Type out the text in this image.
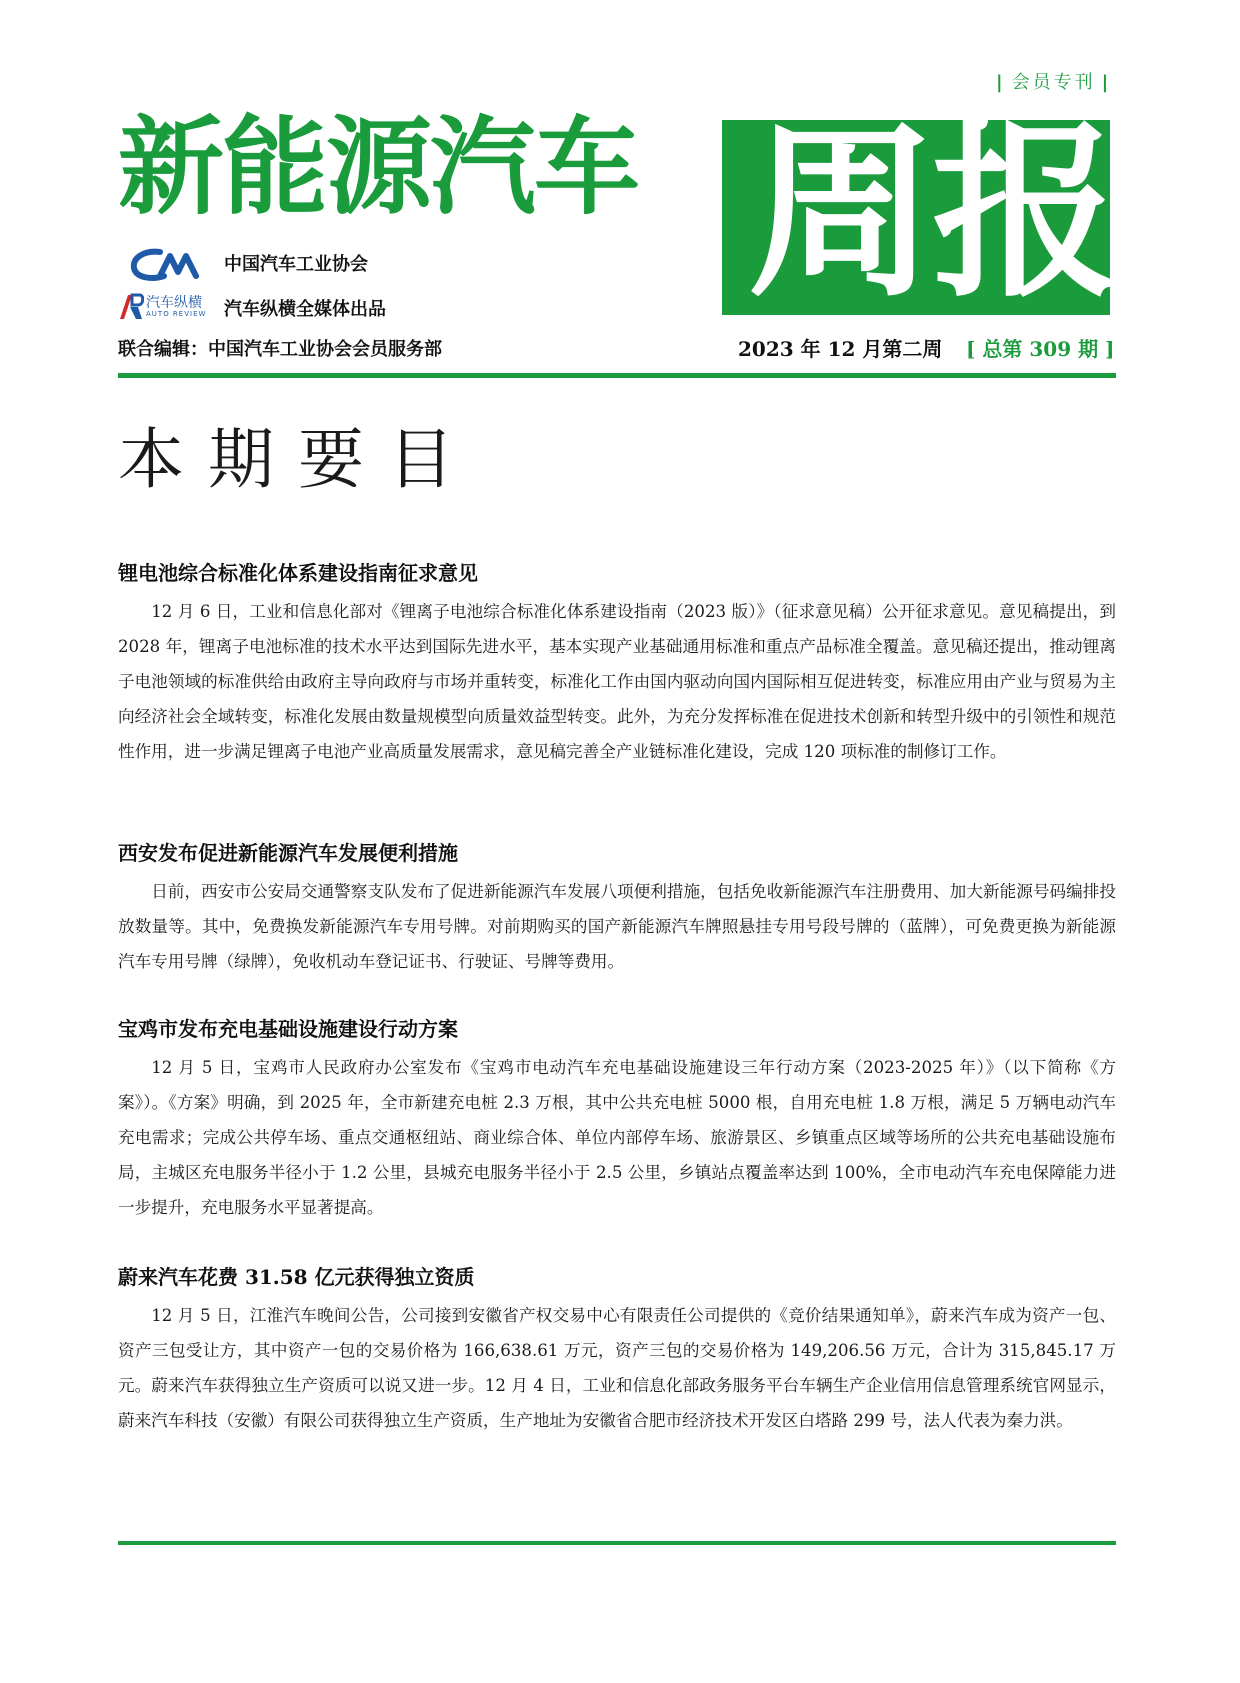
| 会员专刊 |
新能源汽车 周报
中国汽车工业协会
汽车纵横
AUTO REVIEW 汽车纵横全媒体出品
联合编辑：中国汽车工业协会会员服务部	2023 年 12 月第二周 [ 总第 309 期 ]
本期要目
锂电池综合标准化体系建设指南征求意见

12 月 6 日，工业和信息化部对《锂离子电池综合标准化体系建设指南（2023 版）》（征求意见稿）公开征求意见。意见稿提出，到 2028 年，锂离子电池标准的技术水平达到国际先进水平，基本实现产业基础通用标准和重点产品标准全覆盖。意见稿还提出，推动锂离子电池领域的标准供给由政府主导向政府与市场并重转变，标准化工作由国内驱动向国内国际相互促进转变，标准应用由产业与贸易为主向经济社会全域转变，标准化发展由数量规模型向质量效益型转变。此外，为充分发挥标准在促进技术创新和转型升级中的引领性和规范性作用，进一步满足锂离子电池产业高质量发展需求，意见稿完善全产业链标准化建设，完成 120 项标准的制修订工作。

西安发布促进新能源汽车发展便利措施

日前，西安市公安局交通警察支队发布了促进新能源汽车发展八项便利措施，包括免收新能源汽车注册费用、加大新能源号码编排投放数量等。其中，免费换发新能源汽车专用号牌。对前期购买的国产新能源汽车牌照悬挂专用号段号牌的（蓝牌），可免费更换为新能源汽车专用号牌（绿牌），免收机动车登记证书、行驶证、号牌等费用。

宝鸡市发布充电基础设施建设行动方案

12 月 5 日，宝鸡市人民政府办公室发布《宝鸡市电动汽车充电基础设施建设三年行动方案（2023-2025 年）》（以下简称《方案》）。《方案》明确，到 2025 年，全市新建充电桩 2.3 万根，其中公共充电桩 5000 根，自用充电桩 1.8 万根，满足 5 万辆电动汽车充电需求；完成公共停车场、重点交通枢纽站、商业综合体、单位内部停车场、旅游景区、乡镇重点区域等场所的公共充电基础设施布局，主城区充电服务半径小于 1.2 公里，县城充电服务半径小于 2.5 公里，乡镇站点覆盖率达到 100%，全市电动汽车充电保障能力进一步提升，充电服务水平显著提高。

蔚来汽车花费 31.58 亿元获得独立资质

12 月 5 日，江淮汽车晚间公告，公司接到安徽省产权交易中心有限责任公司提供的《竞价结果通知单》，蔚来汽车成为资产一包、资产三包受让方，其中资产一包的交易价格为 166,638.61 万元，资产三包的交易价格为 149,206.56 万元，合计为 315,845.17 万元。蔚来汽车获得独立生产资质可以说又进一步。12 月 4 日，工业和信息化部政务服务平台车辆生产企业信用信息管理系统官网显示，蔚来汽车科技（安徽）有限公司获得独立生产资质，生产地址为安徽省合肥市经济技术开发区白塔路 299 号，法人代表为秦力洪。
